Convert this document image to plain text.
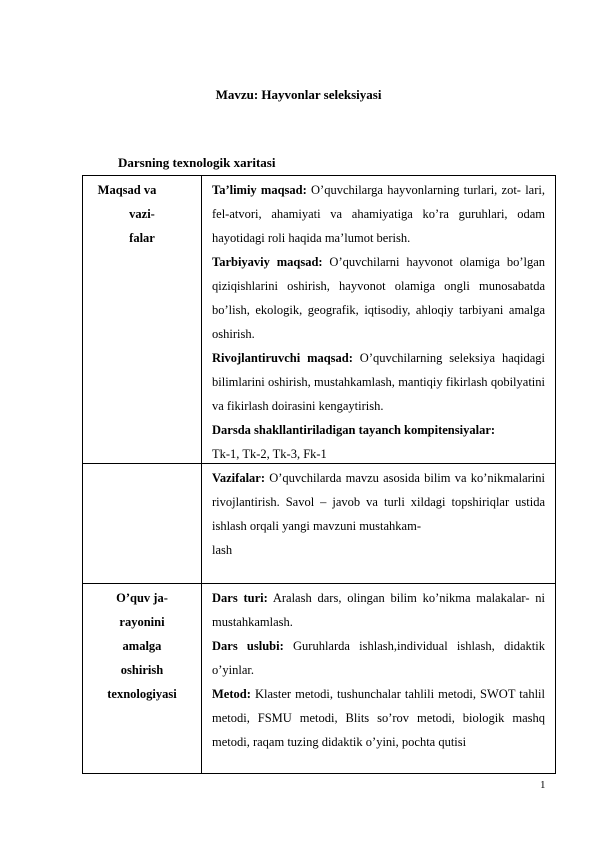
Mavzu: Hayvonlar seleksiyasi
Darsning texnologik xaritasi
Maqsad va
vazi-
falar

Ta’limiy maqsad: O’quvchilarga hayvonlarning turlari, zot- lari, fel-atvori, ahamiyati va ahamiyatiga ko’ra guruhlari, odam hayotidagi roli haqida ma’lumot berish.

Tarbiyaviy maqsad: O’quvchilarni hayvonot olamiga bo’lgan qiziqishlarini oshirish, hayvonot olamiga ongli munosabatda bo’lish, ekologik, geografik, iqtisodiy, ahloqiy tarbiyani amalga oshirish.

Rivojlantiruvchi maqsad: O’quvchilarning seleksiya haqidagi bilimlarini oshirish, mustahkamlash, mantiqiy fikirlash qobilyatini va fikirlash doirasini kengaytirish.

Darsda shakllantiriladigan tayanch kompitensiyalar:

Tk-1, Tk-2, Tk-3, Fk-1

Vazifalar: O’quvchilarda mavzu asosida bilim va ko’nikmalarini rivojlantirish. Savol – javob va turli xildagi topshiriqlar ustida ishlash orqali yangi mavzuni mustahkam-

lash

O’quv ja-
rayonini
amalga
oshirish
texnologiyasi

Dars turi: Aralash dars, olingan bilim ko’nikma malakalar- ni mustahkamlash.

Dars uslubi: Guruhlarda ishlash,individual ishlash, didaktik o’yinlar.

Metod: Klaster metodi, tushunchalar tahlili metodi, SWOT tahlil metodi, FSMU metodi, Blits so’rov metodi, biologik mashq metodi, raqam tuzing didaktik o’yini, pochta qutisi

1
